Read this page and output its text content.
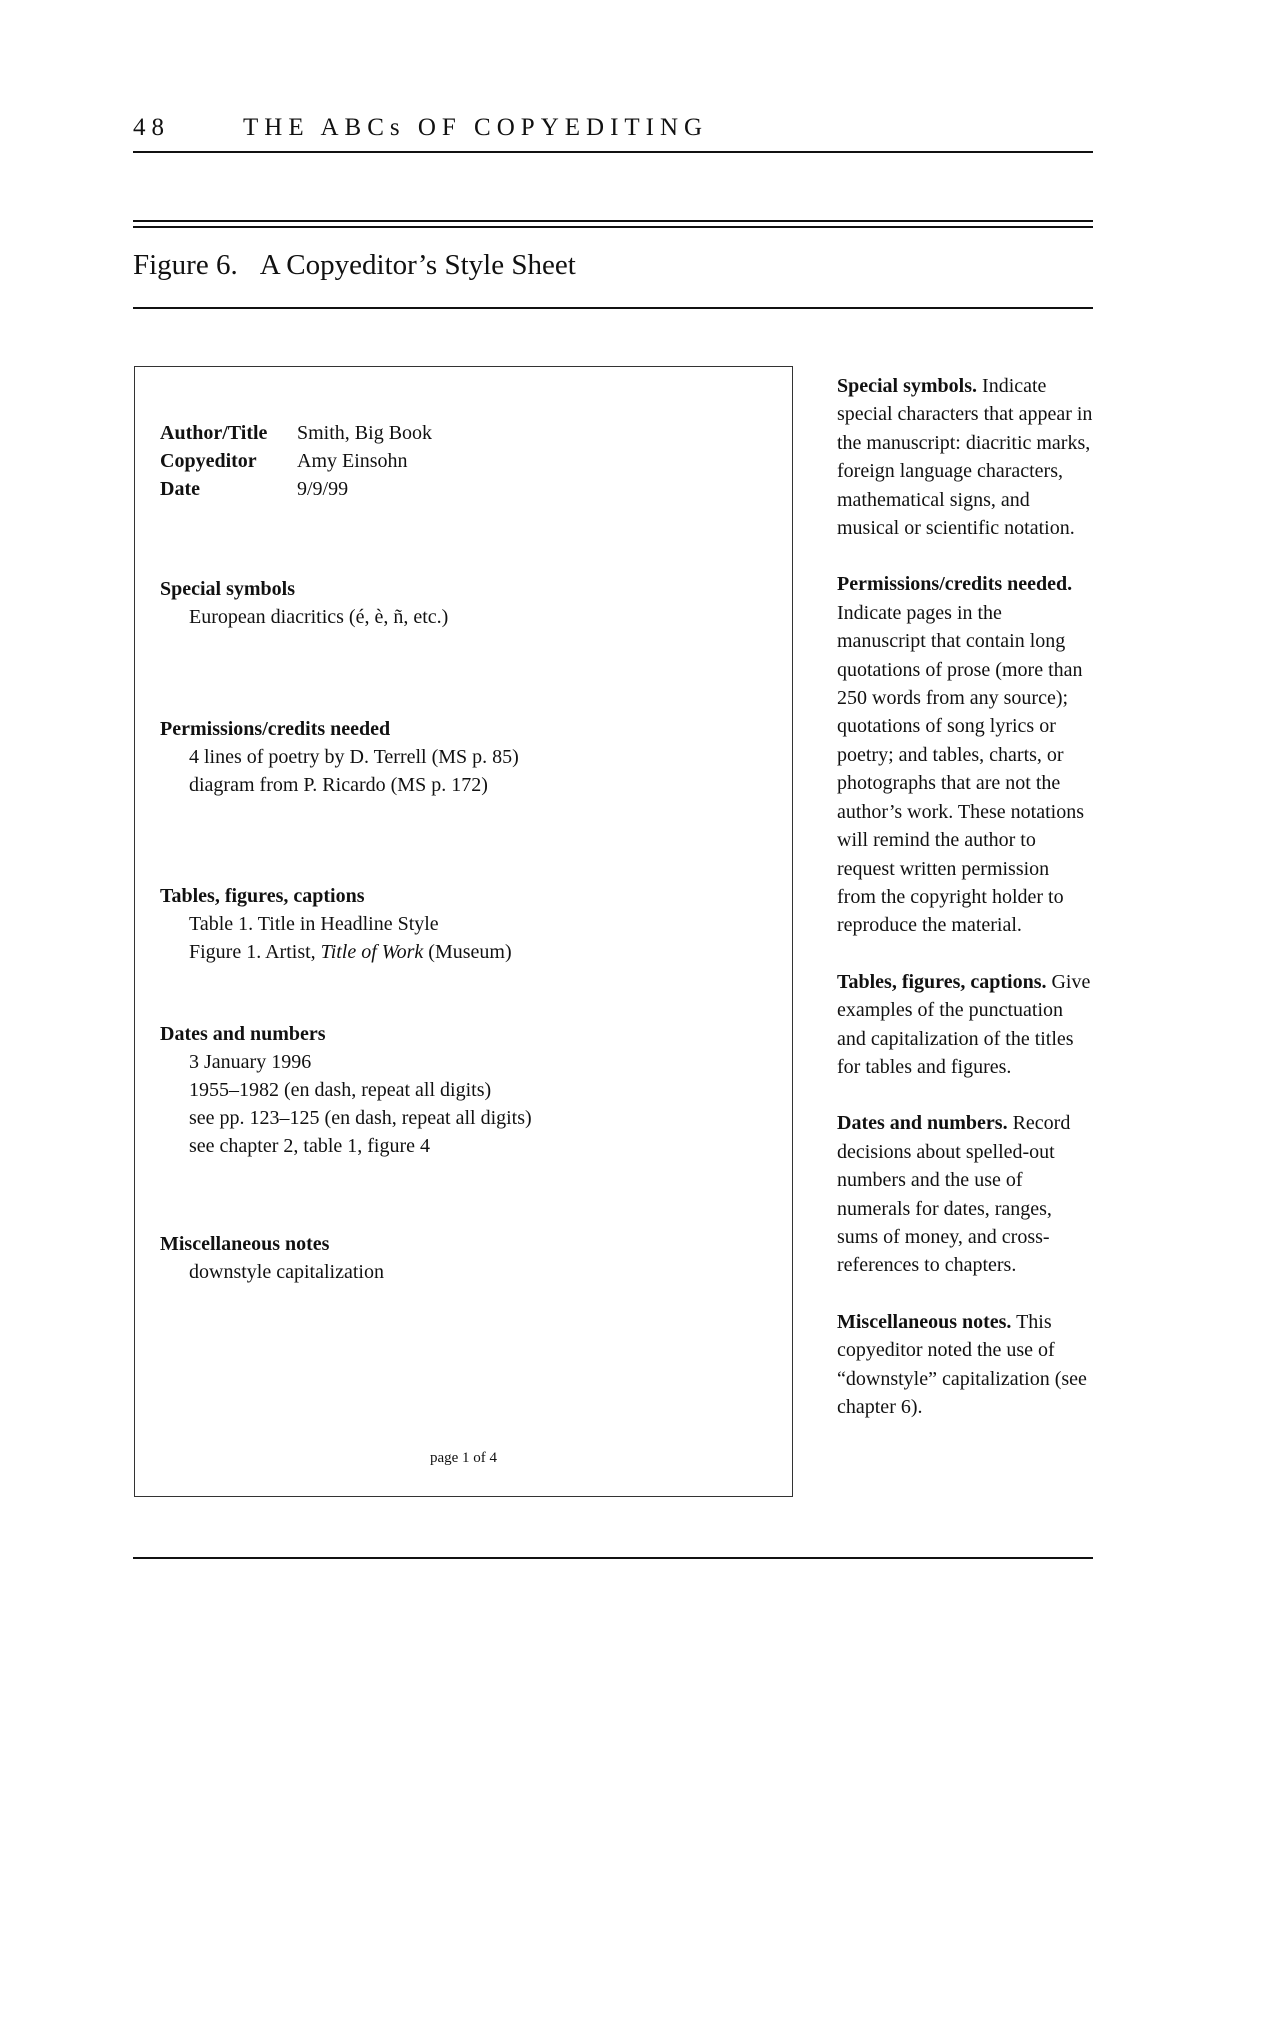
48	THE ABCs OF COPYEDITING
Figure 6. A Copyeditor’s Style Sheet
Author/Title Smith, Big Book
Copyeditor Amy Einsohn
Date	9/9/99
Special symbols
European diacritics (é, è, ñ, etc.)
Permissions/credits needed
4 lines of poetry by D. Terrell (MS p. 85)
diagram from P. Ricardo (MS p. 172)
Tables, figures, captions
Table 1. Title in Headline Style
Figure 1. Artist, Title of Work (Museum)
Dates and numbers
3 January 1996
1955–1982 (en dash, repeat all digits)
see pp. 123–125 (en dash, repeat all digits)
see chapter 2, table 1, figure 4
Miscellaneous notes
downstyle capitalization
page 1 of 4

Special symbols. Indicate special characters that appear in the manuscript: diacritic marks, foreign language characters, mathematical signs, and musical or scientific notation.

Permissions/credits needed. Indicate pages in the manuscript that contain long quotations of prose (more than 250 words from any source); quotations of song lyrics or poetry; and tables, charts, or photographs that are not the author’s work. These notations will remind the author to request written permission from the copyright holder to reproduce the material.

Tables, figures, captions. Give examples of the punctuation and capitalization of the titles for tables and figures.

Dates and numbers. Record decisions about spelled-out numbers and the use of numerals for dates, ranges, sums of money, and cross-references to chapters.

Miscellaneous notes. This copyeditor noted the use of “downstyle” capitalization (see chapter 6).
